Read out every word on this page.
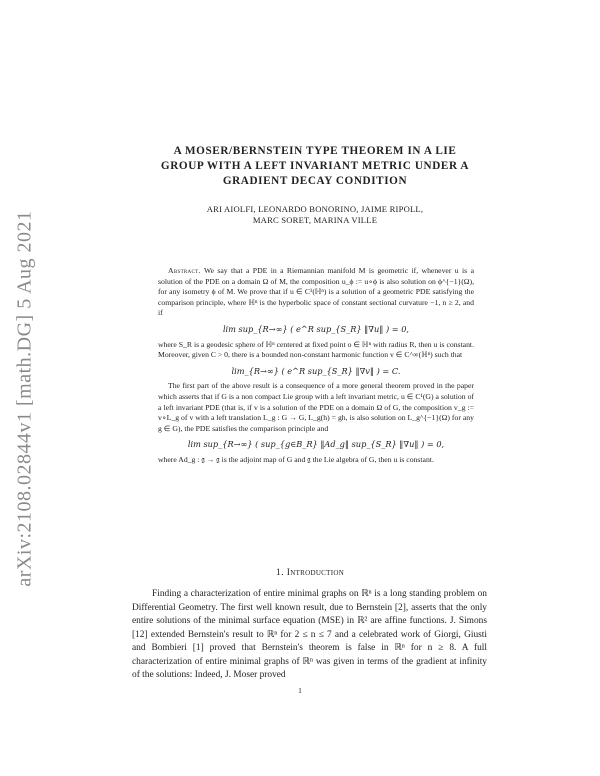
arXiv:2108.02844v1 [math.DG] 5 Aug 2021
A MOSER/BERNSTEIN TYPE THEOREM IN A LIE
GROUP WITH A LEFT INVARIANT METRIC UNDER A
GRADIENT DECAY CONDITION
ARI AIOLFI, LEONARDO BONORINO, JAIME RIPOLL,
MARC SORET, MARINA VILLE

Abstract. We say that a PDE in a Riemannian manifold M is geometric if, whenever u is a solution of the PDE on a domain Ω of M, the composition u_ϕ := u∘ϕ is also solution on ϕ^{−1}(Ω), for any isometry ϕ of M. We prove that if u ∈ C¹(ℍⁿ) is a solution of a geometric PDE satisfying the comparison principle, where ℍⁿ is the hyperbolic space of constant sectional curvature −1, n ≥ 2, and if

lim sup_{R→∞} ( e^R sup_{S_R} ‖∇u‖ ) = 0,

where S_R is a geodesic sphere of ℍⁿ centered at fixed point o ∈ ℍⁿ with radius R, then u is constant. Moreover, given C > 0, there is a bounded non-constant harmonic function v ∈ C^∞(ℍⁿ) such that

lim_{R→∞} ( e^R sup_{S_R} ‖∇v‖ ) = C.

The first part of the above result is a consequence of a more general theorem proved in the paper which asserts that if G is a non compact Lie group with a left invariant metric, u ∈ C¹(G) a solution of a left invariant PDE (that is, if v is a solution of the PDE on a domain Ω of G, the composition v_g := v∘L_g of v with a left translation L_g : G → G, L_g(h) = gh, is also solution on L_g^{−1}(Ω) for any g ∈ G), the PDE satisfies the comparison principle and

lim sup_{R→∞} ( sup_{g∈B_R} ‖Ad_g‖ sup_{S_R} ‖∇u‖ ) = 0,

where Ad_g : 𝔤 → 𝔤 is the adjoint map of G and 𝔤 the Lie algebra of G, then u is constant.

1. Introduction

Finding a characterization of entire minimal graphs on ℝⁿ is a long standing problem on Differential Geometry. The first well known result, due to Bernstein [2], asserts that the only entire solutions of the minimal surface equation (MSE) in ℝ² are affine functions. J. Simons [12] extended Bernstein's result to ℝⁿ for 2 ≤ n ≤ 7 and a celebrated work of Giorgi, Giusti and Bombieri [1] proved that Bernstein's theorem is false in ℝⁿ for n ≥ 8. A full characterization of entire minimal graphs of ℝⁿ was given in terms of the gradient at infinity of the solutions: Indeed, J. Moser proved

1
